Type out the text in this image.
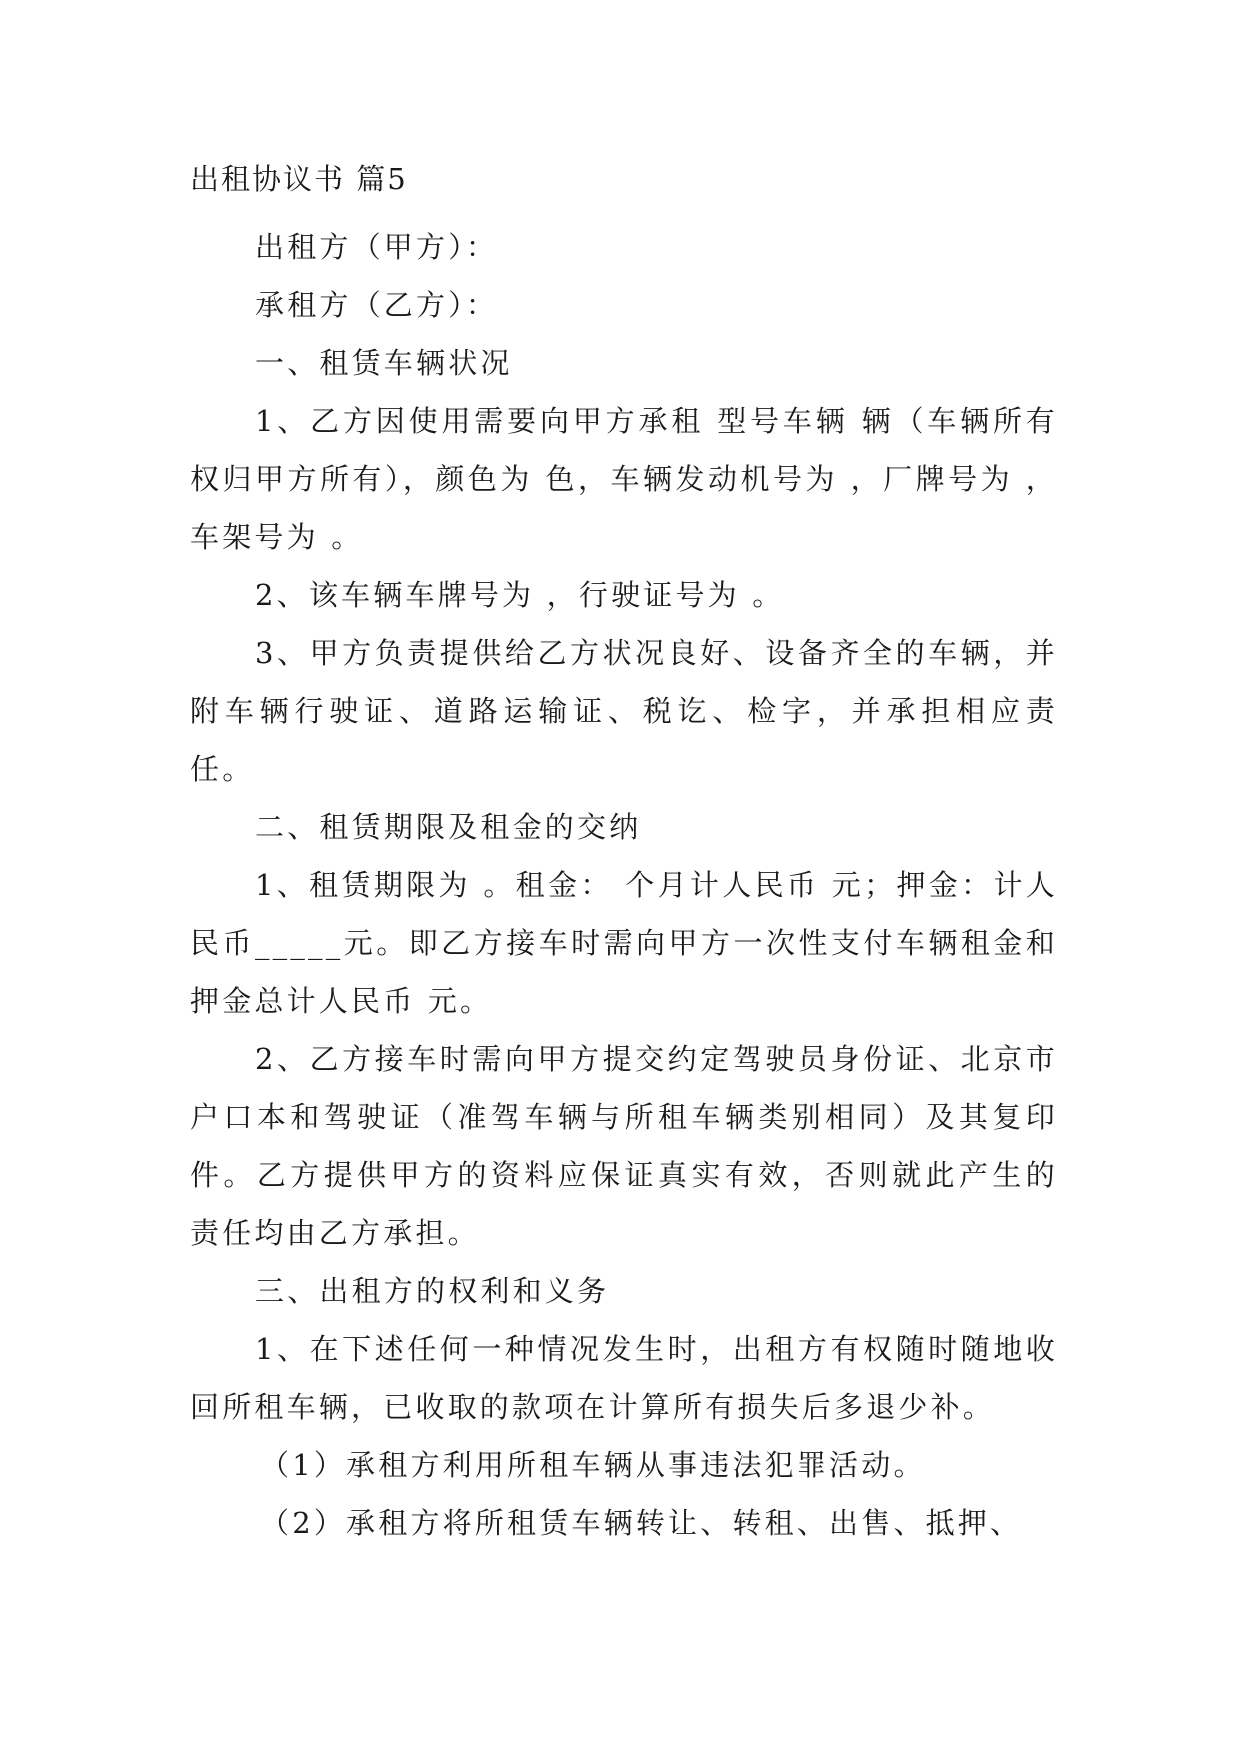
出租协议书 篇5

出租方（甲方）：

承租方（乙方）：

一、租赁车辆状况

1、乙方因使用需要向甲方承租 型号车辆 辆（车辆所有权归甲方所有），颜色为 色，车辆发动机号为 ，厂牌号为 ，车架号为 。

2、该车辆车牌号为 ，行驶证号为 。

3、甲方负责提供给乙方状况良好、设备齐全的车辆，并附车辆行驶证、道路运输证、税讫、检字，并承担相应责任。

二、租赁期限及租金的交纳

1、租赁期限为 。租金： 个月计人民币 元；押金：计人民币_____元。即乙方接车时需向甲方一次性支付车辆租金和押金总计人民币 元。

2、乙方接车时需向甲方提交约定驾驶员身份证、北京市户口本和驾驶证（准驾车辆与所租车辆类别相同）及其复印件。乙方提供甲方的资料应保证真实有效，否则就此产生的责任均由乙方承担。

三、出租方的权利和义务

1、在下述任何一种情况发生时，出租方有权随时随地收回所租车辆，已收取的款项在计算所有损失后多退少补。

（1）承租方利用所租车辆从事违法犯罪活动。

（2）承租方将所租赁车辆转让、转租、出售、抵押、
